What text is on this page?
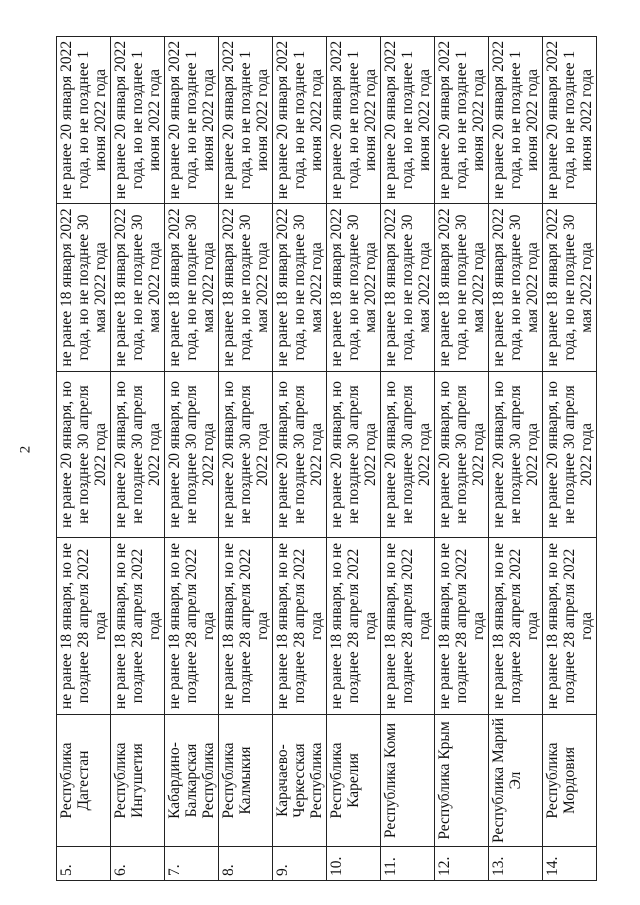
2
5.	Республика Дагестан	не ранее 18 января, но не позднее 28 апреля 2022 года	не ранее 20 января, но не позднее 30 апреля 2022 года	не ранее 18 января 2022 года, но не позднее 30 мая 2022 года	не ранее 20 января 2022 года, но не позднее 1 июня 2022 года
6.	Республика Ингушетия	не ранее 18 января, но не позднее 28 апреля 2022 года	не ранее 20 января, но не позднее 30 апреля 2022 года	не ранее 18 января 2022 года, но не позднее 30 мая 2022 года	не ранее 20 января 2022 года, но не позднее 1 июня 2022 года
7.	Кабардино-Балкарская Республика	не ранее 18 января, но не позднее 28 апреля 2022 года	не ранее 20 января, но не позднее 30 апреля 2022 года	не ранее 18 января 2022 года, но не позднее 30 мая 2022 года	не ранее 20 января 2022 года, но не позднее 1 июня 2022 года
8.	Республика Калмыкия	не ранее 18 января, но не позднее 28 апреля 2022 года	не ранее 20 января, но не позднее 30 апреля 2022 года	не ранее 18 января 2022 года, но не позднее 30 мая 2022 года	не ранее 20 января 2022 года, но не позднее 1 июня 2022 года
9.	Карачаево-Черкесская Республика	не ранее 18 января, но не позднее 28 апреля 2022 года	не ранее 20 января, но не позднее 30 апреля 2022 года	не ранее 18 января 2022 года, но не позднее 30 мая 2022 года	не ранее 20 января 2022 года, но не позднее 1 июня 2022 года
10.	Республика Карелия	не ранее 18 января, но не позднее 28 апреля 2022 года	не ранее 20 января, но не позднее 30 апреля 2022 года	не ранее 18 января 2022 года, но не позднее 30 мая 2022 года	не ранее 20 января 2022 года, но не позднее 1 июня 2022 года
11.	Республика Коми	не ранее 18 января, но не позднее 28 апреля 2022 года	не ранее 20 января, но не позднее 30 апреля 2022 года	не ранее 18 января 2022 года, но не позднее 30 мая 2022 года	не ранее 20 января 2022 года, но не позднее 1 июня 2022 года
12.	Республика Крым	не ранее 18 января, но не позднее 28 апреля 2022 года	не ранее 20 января, но не позднее 30 апреля 2022 года	не ранее 18 января 2022 года, но не позднее 30 мая 2022 года	не ранее 20 января 2022 года, но не позднее 1 июня 2022 года
13.	Республика Марий Эл	не ранее 18 января, но не позднее 28 апреля 2022 года	не ранее 20 января, но не позднее 30 апреля 2022 года	не ранее 18 января 2022 года, но не позднее 30 мая 2022 года	не ранее 20 января 2022 года, но не позднее 1 июня 2022 года
14.	Республика Мордовия	не ранее 18 января, но не позднее 28 апреля 2022 года	не ранее 20 января, но не позднее 30 апреля 2022 года	не ранее 18 января 2022 года, но не позднее 30 мая 2022 года	не ранее 20 января 2022 года, но не позднее 1 июня 2022 года
